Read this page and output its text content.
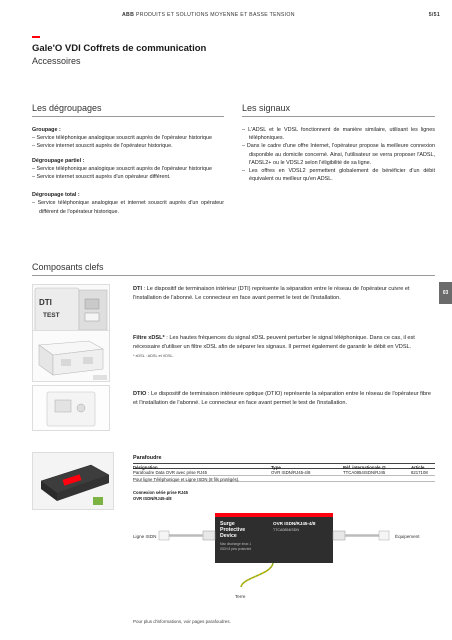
ABB PRODUITS ET SOLUTIONS MOYENNE ET BASSE TENSION	5/51
Gale'O VDI Coffrets de communication
Accessoires
Les dégroupages
Groupage :
– Service téléphonique analogique souscrit auprès de l'opérateur historique
– Service internet souscrit auprès de l'opérateur historique.
Dégroupage partiel :
– Service téléphonique analogique souscrit auprès de l'opérateur historique
– Service internet souscrit auprès d'un opérateur différent.
Dégroupage total :
– Service téléphonique analogique et internet souscrit auprès d'un opérateur différent de l'opérateur historique.
Les signaux
– L'ADSL et le VDSL fonctionnent de manière similaire, utilisant les lignes téléphoniques.
– Dans le cadre d'une offre Internet, l'opérateur propose la meilleure connexion disponible au domicile concerné. Ainsi, l'utilisateur se verra proposer l'ADSL, l'ADSL2+ ou le VDSL2 selon l'éligibilité de sa ligne.
– Les offres en VDSL2 permettent globalement de bénéficier d'un débit équivalent ou meilleur qu'en ADSL.
Composants clefs
03
DTI
TEST
DTI : Le dispositif de terminaison intérieur (DTI) représente la séparation entre le réseau de l'opérateur cuivre et l'installation de l'abonné. Le connecteur en face avant permet le test de l'installation.
Filtre xDSL* : Les hautes fréquences du signal xDSL peuvent perturber le signal téléphonique. Dans ce cas, il est nécessaire d'utiliser un filtre xDSL afin de séparer les signaux. Il permet également de garantir le débit en VDSL.
* xDSL : ADSL et VDSL.
DTIO : Le dispositif de terminaison intérieure optique (DTIO) représente la séparation entre le réseau de l'opérateur fibre et l'installation de l'abonné. Le connecteur en face avant permet le test de l'installation.
Parafoudre
Désignation	Type	Réf. internationale @	Article
Parafoudre Data OVR avec prise RJ45	OVR ISDN/RJ45-4/8	TTCA0854ISDN/RJ45	8217108
Pour ligne Téléphonique et Ligne ISDN (8 fils protégés).
Connexion série prise RJ45
OVR ISDN/RJ45-4/8
Surge
Protective
Device
OVR ISDN/RJ45-4/8
TTCA0854ISDN
Max discharge Imax 1
ISDN 8 pins protected
Ligne ISDN	Équipement
Terre
Pour plus d'informations, voir pages parafoudres.
